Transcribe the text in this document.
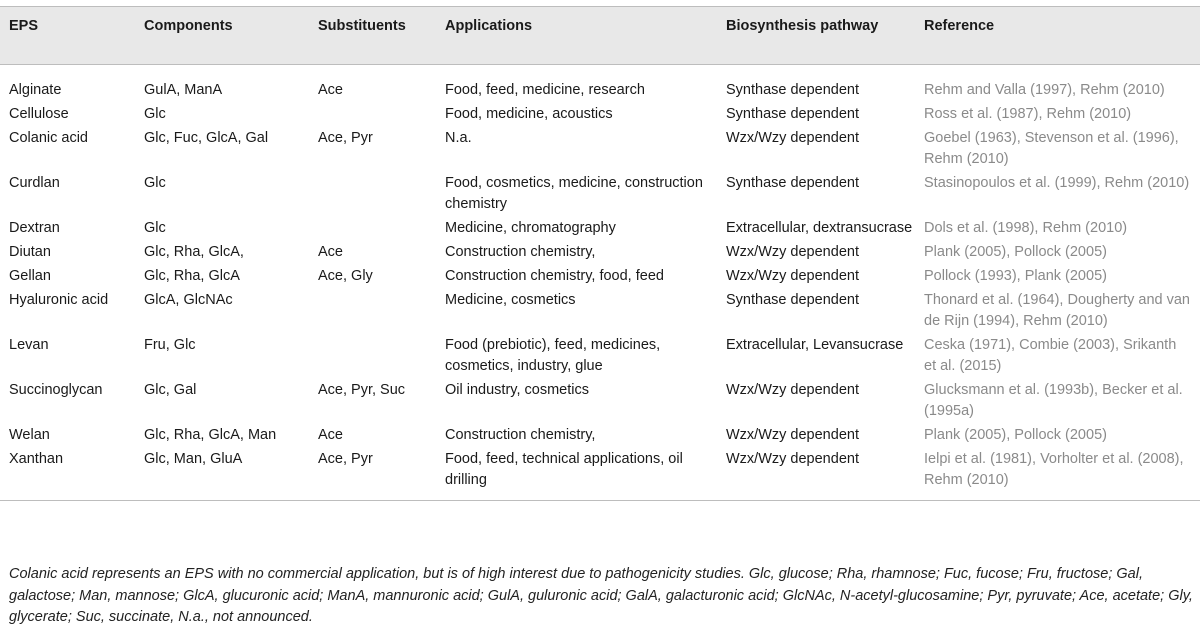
EPS	Components	Substituents	Applications	Biosynthesis pathway	Reference
Alginate	GulA, ManA	Ace	Food, feed, medicine, research	Synthase dependent	Rehm and Valla (1997), Rehm (2010)
Cellulose	Glc		Food, medicine, acoustics	Synthase dependent	Ross et al. (1987), Rehm (2010)
Colanic acid	Glc, Fuc, GlcA, Gal	Ace, Pyr	N.a.	Wzx/Wzy dependent	Goebel (1963), Stevenson et al. (1996), Rehm (2010)
Curdlan	Glc		Food, cosmetics, medicine, construction chemistry	Synthase dependent	Stasinopoulos et al. (1999), Rehm (2010)
Dextran	Glc		Medicine, chromatography	Extracellular, dextransucrase	Dols et al. (1998), Rehm (2010)
Diutan	Glc, Rha, GlcA,	Ace	Construction chemistry,	Wzx/Wzy dependent	Plank (2005), Pollock (2005)
Gellan	Glc, Rha, GlcA	Ace, Gly	Construction chemistry, food, feed	Wzx/Wzy dependent	Pollock (1993), Plank (2005)
Hyaluronic acid	GlcA, GlcNAc		Medicine, cosmetics	Synthase dependent	Thonard et al. (1964), Dougherty and van de Rijn (1994), Rehm (2010)
Levan	Fru, Glc		Food (prebiotic), feed, medicines, cosmetics, industry, glue	Extracellular, Levansucrase	Ceska (1971), Combie (2003), Srikanth et al. (2015)
Succinoglycan	Glc, Gal	Ace, Pyr, Suc	Oil industry, cosmetics	Wzx/Wzy dependent	Glucksmann et al. (1993b), Becker et al. (1995a)
Welan	Glc, Rha, GlcA, Man	Ace	Construction chemistry,	Wzx/Wzy dependent	Plank (2005), Pollock (2005)
Xanthan	Glc, Man, GluA	Ace, Pyr	Food, feed, technical applications, oil drilling	Wzx/Wzy dependent	Ielpi et al. (1981), Vorholter et al. (2008), Rehm (2010)
Colanic acid represents an EPS with no commercial application, but is of high interest due to pathogenicity studies. Glc, glucose; Rha, rhamnose; Fuc, fucose; Fru, fructose; Gal, galactose; Man, mannose; GlcA, glucuronic acid; ManA, mannuronic acid; GulA, guluronic acid; GalA, galacturonic acid; GlcNAc, N-acetyl-glucosamine; Pyr, pyruvate; Ace, acetate; Gly, glycerate; Suc, succinate, N.a., not announced.
